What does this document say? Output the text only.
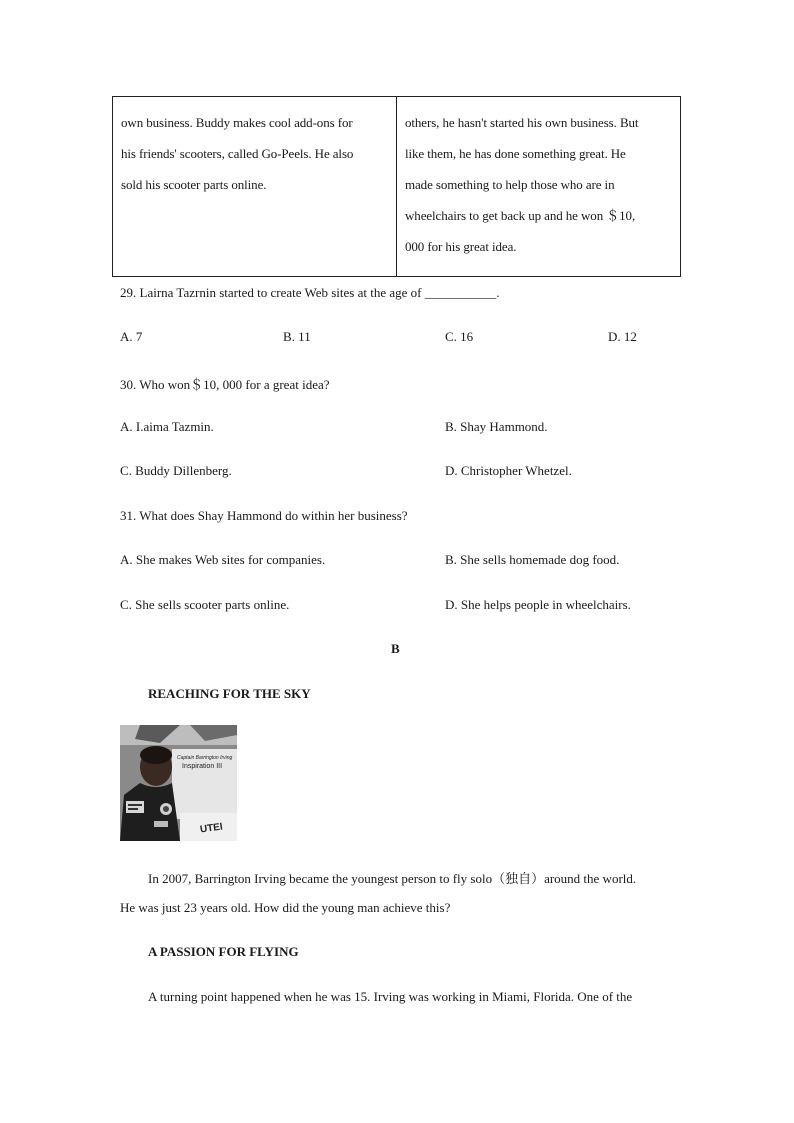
own business. Buddy makes cool add-ons for
his friends' scooters, called Go-Peels. He also
sold his scooter parts online.

others, he hasn't started his own business. But
like them, he has done something great. He
made something to help those who are in
wheelchairs to get back up and he won ＄10,
000 for his great idea.
29. Lairna Tazrnin started to create Web sites at the age of ___________.
A. 7	B. 11	C. 16	D. 12
30. Who won＄10, 000 for a great idea?
A. I.aima Tazmin.	B. Shay Hammond.
C. Buddy Dillenberg.	D. Christopher Whetzel.
31. What does Shay Hammond do within her business?
A. She makes Web sites for companies.	B. She sells homemade dog food.
C. She sells scooter parts online.	D. She helps people in wheelchairs.
B
REACHING FOR THE SKY
Captain Barrington Irving
Inspiration III
UTEI
In 2007, Barrington Irving became the youngest person to fly solo（独自）around the world.
He was just 23 years old. How did the young man achieve this?
A PASSION FOR FLYING
A turning point happened when he was 15. Irving was working in Miami, Florida. One of the
